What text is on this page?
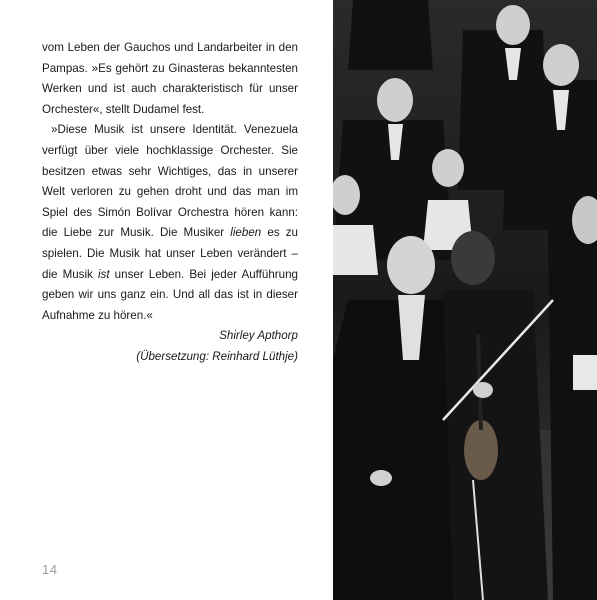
vom Leben der Gauchos und Landarbeiter in den Pampas. »Es gehört zu Ginasteras bekanntesten Werken und ist auch charakteristisch für unser Orchester«, stellt Dudamel fest.

»Diese Musik ist unsere Identität. Venezuela verfügt über viele hochklassige Orchester. Sie besitzen etwas sehr Wichtiges, das in unserer Welt verloren zu gehen droht und das man im Spiel des Simón Bolívar Orchestra hören kann: die Liebe zur Musik. Die Musiker lieben es zu spielen. Die Musik hat unser Leben verändert – die Musik ist unser Leben. Bei jeder Aufführung geben wir uns ganz ein. Und all das ist in dieser Aufnahme zu hören.«

Shirley Apthorp

(Übersetzung: Reinhard Lüthje)

14
